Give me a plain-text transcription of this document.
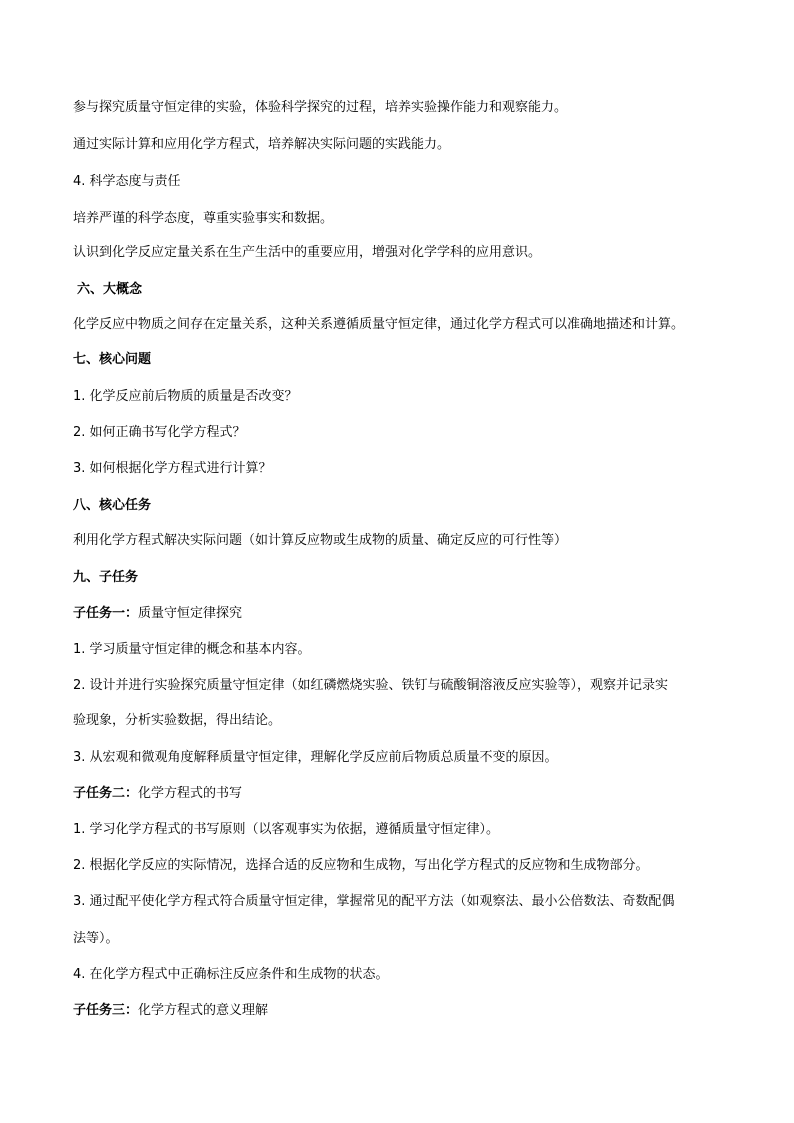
参与探究质量守恒定律的实验，体验科学探究的过程，培养实验操作能力和观察能力。
通过实际计算和应用化学方程式，培养解决实际问题的实践能力。
4. 科学态度与责任
培养严谨的科学态度，尊重实验事实和数据。
认识到化学反应定量关系在生产生活中的重要应用，增强对化学学科的应用意识。
六、大概念
化学反应中物质之间存在定量关系，这种关系遵循质量守恒定律，通过化学方程式可以准确地描述和计算。
七、核心问题
1. 化学反应前后物质的质量是否改变？
2. 如何正确书写化学方程式？
3. 如何根据化学方程式进行计算？
八、核心任务
利用化学方程式解决实际问题（如计算反应物或生成物的质量、确定反应的可行性等）
九、子任务
子任务一：质量守恒定律探究
1. 学习质量守恒定律的概念和基本内容。
2. 设计并进行实验探究质量守恒定律（如红磷燃烧实验、铁钉与硫酸铜溶液反应实验等），观察并记录实
验现象，分析实验数据，得出结论。
3. 从宏观和微观角度解释质量守恒定律，理解化学反应前后物质总质量不变的原因。
子任务二：化学方程式的书写
1. 学习化学方程式的书写原则（以客观事实为依据，遵循质量守恒定律）。
2. 根据化学反应的实际情况，选择合适的反应物和生成物，写出化学方程式的反应物和生成物部分。
3. 通过配平使化学方程式符合质量守恒定律，掌握常见的配平方法（如观察法、最小公倍数法、奇数配偶
法等）。
4. 在化学方程式中正确标注反应条件和生成物的状态。
子任务三：化学方程式的意义理解
